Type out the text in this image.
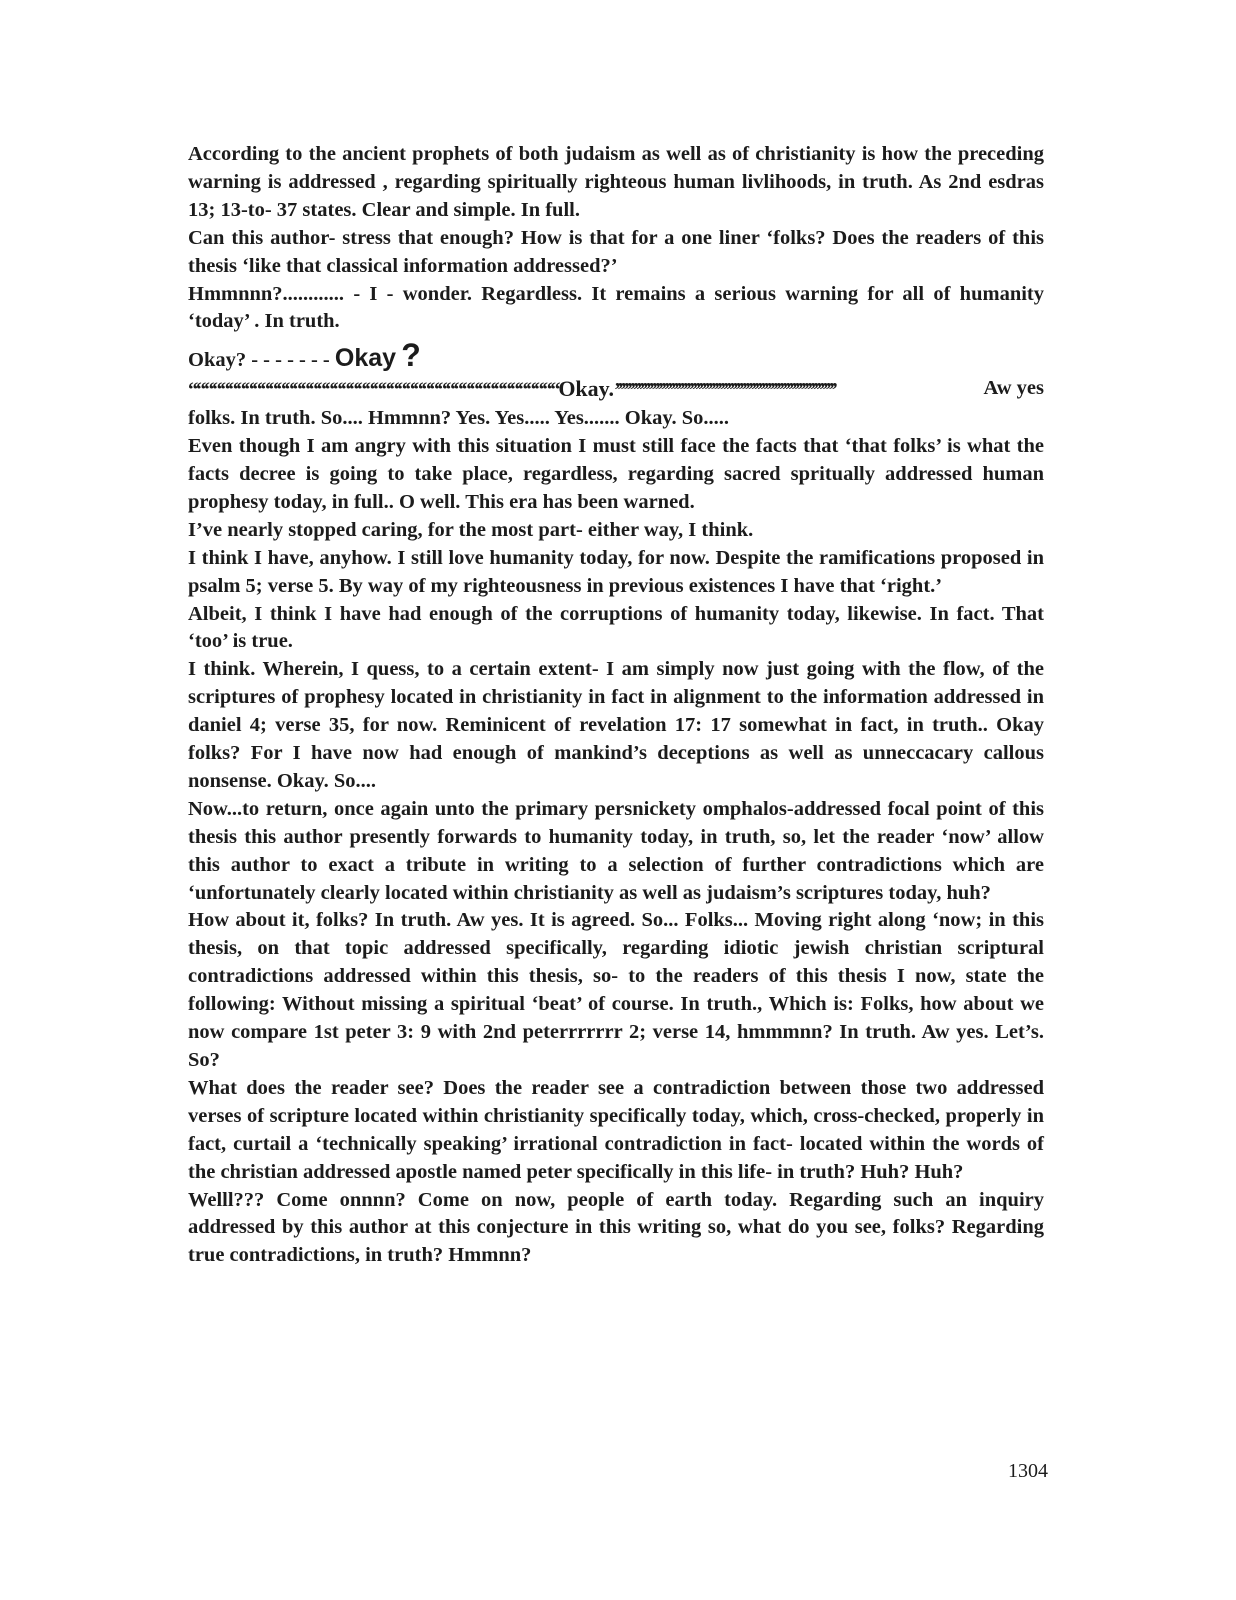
According to the ancient prophets of both judaism as well as of christianity is how the preceding warning is addressed , regarding spiritually righteous human livlihoods, in truth. As 2nd esdras 13; 13-to- 37 states. Clear and simple. In full.

Can this author- stress that enough? How is that for a one liner ‘folks? Does the readers of this thesis ‘like that classical information addressed?’

Hmmnnn?............ - I - wonder. Regardless. It remains a serious warning for all of humanity ‘today’ . In truth.

Okay? - - - - - - - Okay ?

““““““““““““““““““““““““““““““““““““““““““““““Okay.’’’’’’’’’’’’’’’’’’’’’’’’’’’’’’’’’’’’’’’’’’’’’’’’’’’’’’’’’’’’’’’’’’’’’’’	Aw yes

folks. In truth. So.... Hmmnn? Yes. Yes..... Yes....... Okay. So.....

Even though I am angry with this situation I must still face the facts that ‘that folks’ is what the facts decree is going to take place, regardless, regarding sacred spritually addressed human prophesy today, in full.. O well. This era has been warned.

I’ve nearly stopped caring, for the most part- either way, I think.

I think I have, anyhow. I still love humanity today, for now. Despite the ramifications proposed in psalm 5; verse 5. By way of my righteousness in previous existences I have that ‘right.’

Albeit, I think I have had enough of the corruptions of humanity today, likewise. In fact. That ‘too’ is true.

I think. Wherein, I quess, to a certain extent- I am simply now just going with the flow, of the scriptures of prophesy located in christianity in fact in alignment to the information addressed in daniel 4; verse 35, for now. Reminicent of revelation 17: 17 somewhat in fact, in truth.. Okay folks? For I have now had enough of mankind’s deceptions as well as unneccacary callous nonsense. Okay. So....

Now...to return, once again unto the primary persnickety omphalos-addressed focal point of this thesis this author presently forwards to humanity today, in truth, so, let the reader ‘now’ allow this author to exact a tribute in writing to a selection of further contradictions which are ‘unfortunately clearly located within christianity as well as judaism’s scriptures today, huh?

How about it, folks? In truth. Aw yes. It is agreed. So... Folks... Moving right along ‘now; in this thesis, on that topic addressed specifically, regarding idiotic jewish christian scriptural contradictions addressed within this thesis, so- to the readers of this thesis I now, state the following: Without missing a spiritual ‘beat’ of course. In truth., Which is: Folks, how about we now compare 1st peter 3: 9 with 2nd peterrrrrrr 2; verse 14, hmmmnn? In truth. Aw yes. Let’s. So?

What does the reader see? Does the reader see a contradiction between those two addressed verses of scripture located within christianity specifically today, which, cross-checked, properly in fact, curtail a ‘technically speaking’ irrational contradiction in fact- located within the words of the christian addressed apostle named peter specifically in this life- in truth? Huh? Huh?

Welll??? Come onnnn? Come on now, people of earth today. Regarding such an inquiry addressed by this author at this conjecture in this writing so, what do you see, folks? Regarding true contradictions, in truth? Hmmnn?

1304
